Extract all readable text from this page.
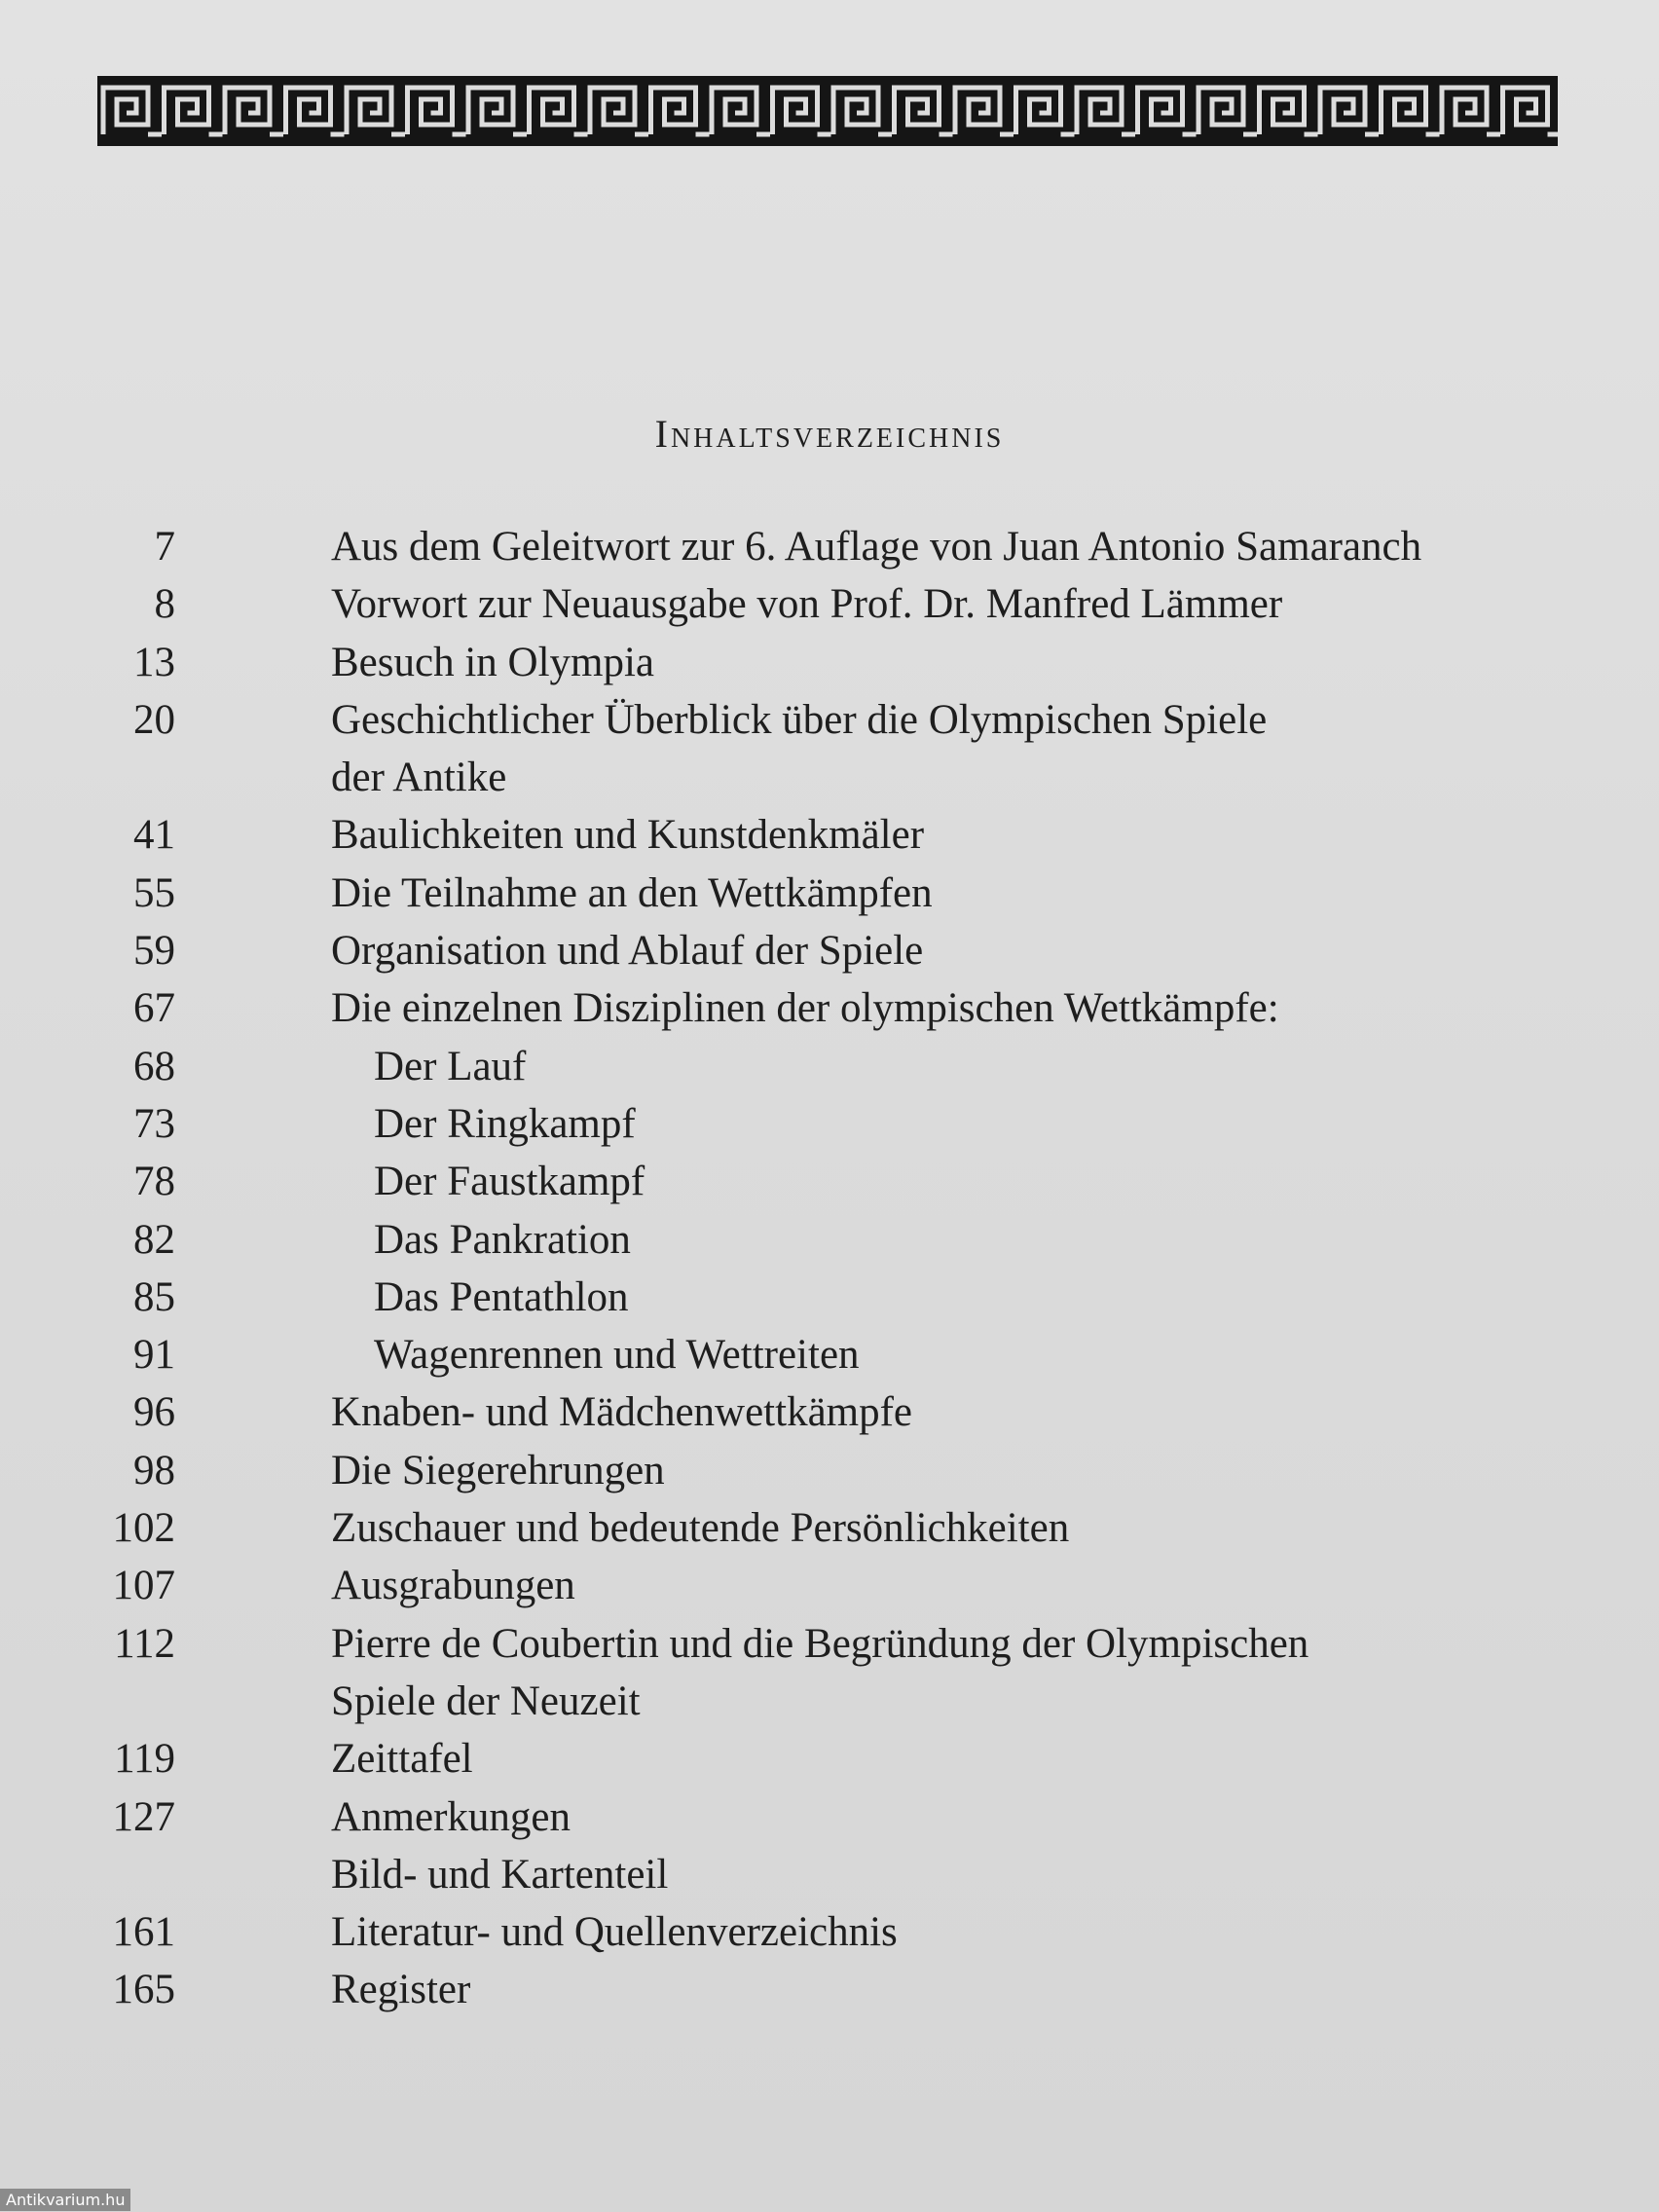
Inhaltsverzeichnis
7	Aus dem Geleitwort zur 6. Auflage von Juan Antonio Samaranch
8	Vorwort zur Neuausgabe von Prof. Dr. Manfred Lämmer
13	Besuch in Olympia
20	Geschichtlicher Überblick über die Olympischen Spiele
der Antike
41	Baulichkeiten und Kunstdenkmäler
55	Die Teilnahme an den Wettkämpfen
59	Organisation und Ablauf der Spiele
67	Die einzelnen Disziplinen der olympischen Wettkämpfe:
68	Der Lauf
73	Der Ringkampf
78	Der Faustkampf
82	Das Pankration
85	Das Pentathlon
91	Wagenrennen und Wettreiten
96	Knaben- und Mädchenwettkämpfe
98	Die Siegerehrungen
102	Zuschauer und bedeutende Persönlichkeiten
107	Ausgrabungen
112	Pierre de Coubertin und die Begründung der Olympischen
Spiele der Neuzeit
119	Zeittafel
127	Anmerkungen
Bild- und Kartenteil
161	Literatur- und Quellenverzeichnis
165	Register
Antikvarium.hu
